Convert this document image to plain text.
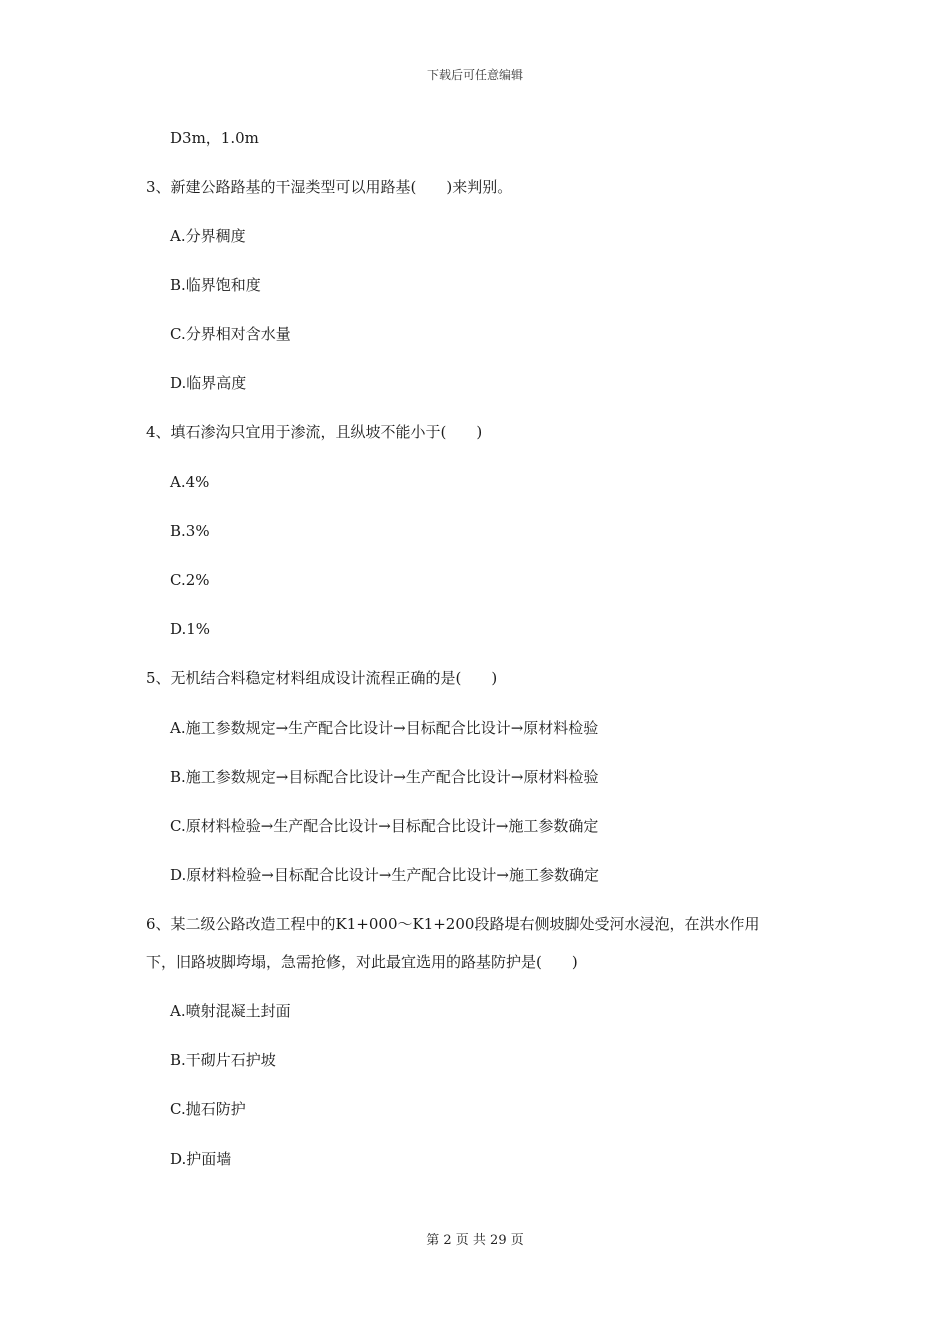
下载后可任意编辑
D3m，1.0m
3、新建公路路基的干湿类型可以用路基(　　)来判别。
A.分界稠度
B.临界饱和度
C.分界相对含水量
D.临界高度
4、填石渗沟只宜用于渗流，且纵坡不能小于(　　)
A.4%
B.3%
C.2%
D.1%
5、无机结合料稳定材料组成设计流程正确的是(　　)
A.施工参数规定→生产配合比设计→目标配合比设计→原材料检验
B.施工参数规定→目标配合比设计→生产配合比设计→原材料检验
C.原材料检验→生产配合比设计→目标配合比设计→施工参数确定
D.原材料检验→目标配合比设计→生产配合比设计→施工参数确定
6、某二级公路改造工程中的K1+000～K1+200段路堤右侧坡脚处受河水浸泡，在洪水作用
下，旧路坡脚垮塌，急需抢修，对此最宜选用的路基防护是(　　)
A.喷射混凝土封面
B.干砌片石护坡
C.抛石防护
D.护面墙
第 2 页 共 29 页
